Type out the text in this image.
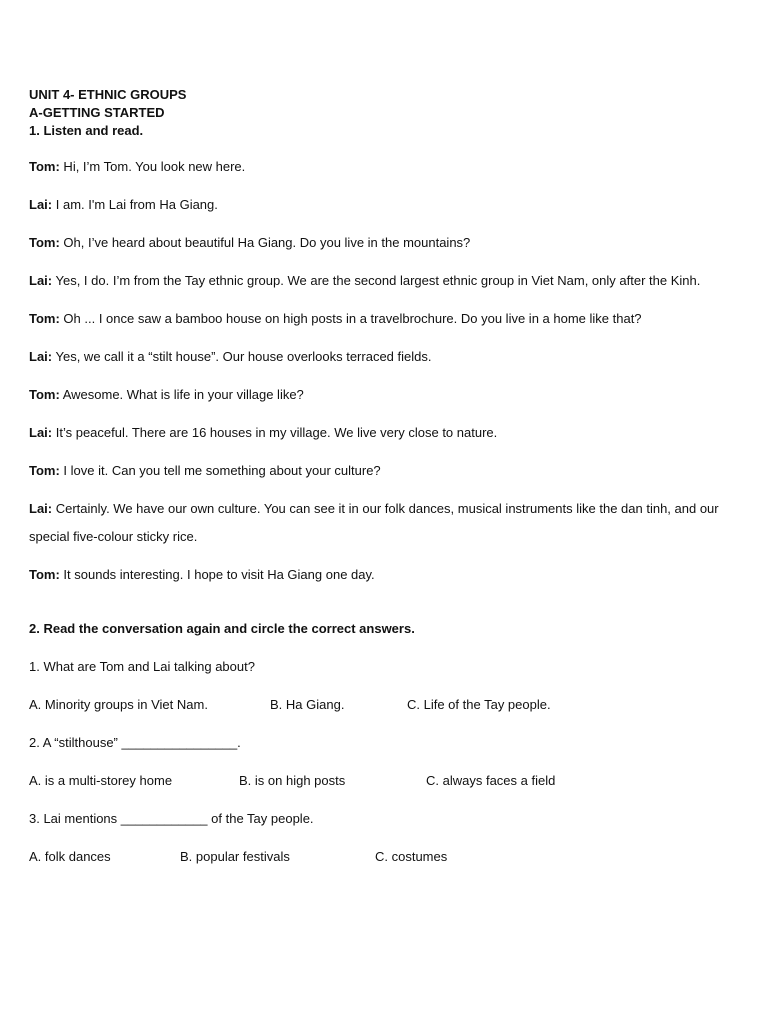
UNIT 4- ETHNIC GROUPS

A-GETTING STARTED

1. Listen and read.

Tom: Hi, I’m Tom. You look new here.

Lai: I am. I'm Lai from Ha Giang.

Tom: Oh, I’ve heard about beautiful Ha Giang. Do you live in the mountains?

Lai: Yes, I do. I’m from the Tay ethnic group. We are the second largest ethnic group in Viet Nam, only after the Kinh.

Tom: Oh ... I once saw a bamboo house on high posts in a travelbrochure. Do you live in a home like that?

Lai: Yes, we call it a “stilt house”. Our house overlooks terraced fields.

Tom: Awesome. What is life in your village like?

Lai: It’s peaceful. There are 16 houses in my village. We live very close to nature.

Tom: I love it. Can you tell me something about your culture?

Lai: Certainly. We have our own culture. You can see it in our folk dances, musical instruments like the dan tinh, and our special five-colour sticky rice.

Tom: It sounds interesting. I hope to visit Ha Giang one day.

2. Read the conversation again and circle the correct answers.

1. What are Tom and Lai talking about?

A. Minority groups in Viet Nam.	B. Ha Giang.	C. Life of the Tay people.

2. A “stilthouse” ________________.

A. is a multi-storey home	B. is on high posts	C. always faces a field

3. Lai mentions ____________ of the Tay people.

A. folk dances	B. popular festivals	C. costumes
